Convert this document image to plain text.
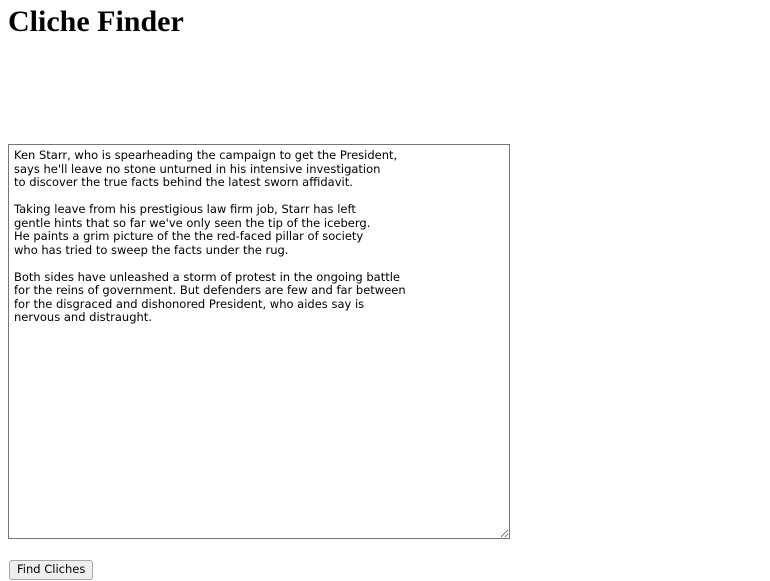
Cliche Finder
Ken Starr, who is spearheading the campaign to get the President, says he'll leave no stone unturned in his intensive investigation to discover the true facts behind the latest sworn affidavit. Taking leave from his prestigious law firm job, Starr has left gentle hints that so far we've only seen the tip of the iceberg. He paints a grim picture of the the red-faced pillar of society who has tried to sweep the facts under the rug. Both sides have unleashed a storm of protest in the ongoing battle for the reins of government. But defenders are few and far between for the disgraced and dishonored President, who aides say is nervous and distraught.
Find Cliches
